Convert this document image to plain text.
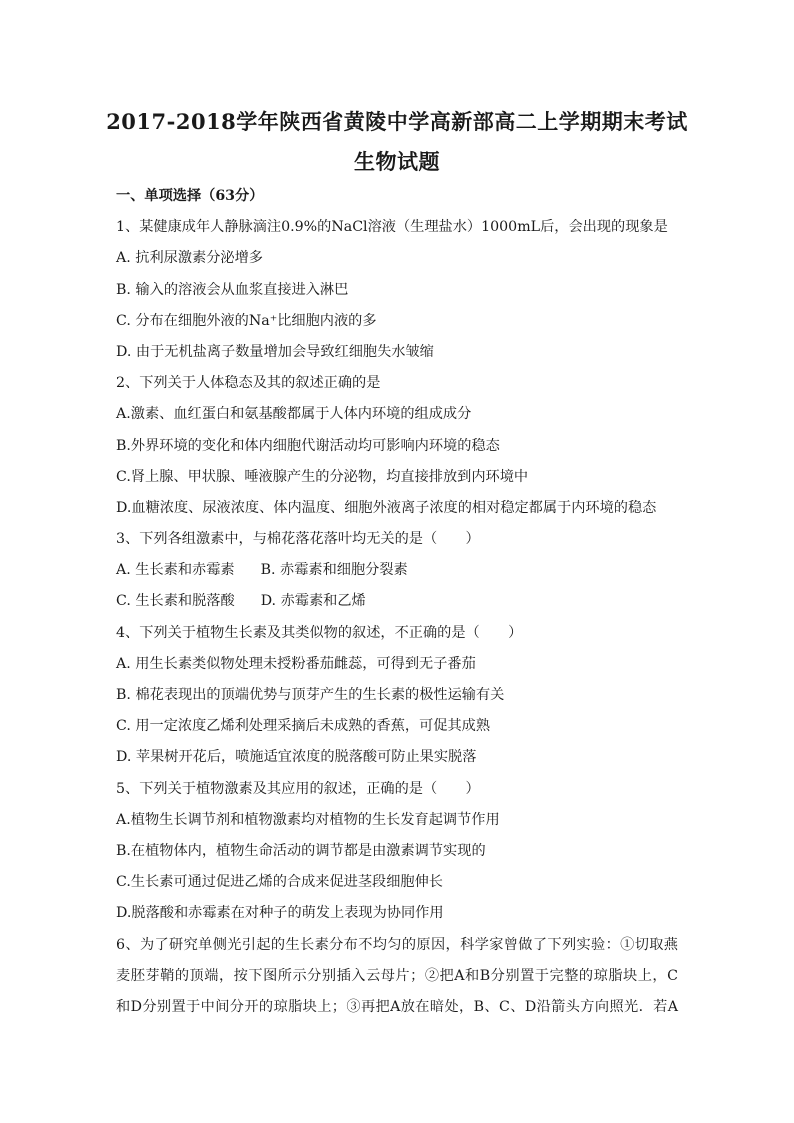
2017-2018学年陕西省黄陵中学高新部高二上学期期末考试
生物试题
一、单项选择（63分）
1、某健康成年人静脉滴注0.9%的NaCl溶液（生理盐水）1000mL后，会出现的现象是
A. 抗利尿激素分泌增多
B. 输入的溶液会从血浆直接进入淋巴
C. 分布在细胞外液的Na⁺比细胞内液的多
D. 由于无机盐离子数量增加会导致红细胞失水皱缩
2、下列关于人体稳态及其的叙述正确的是
A.激素、血红蛋白和氨基酸都属于人体内环境的组成成分
B.外界环境的变化和体内细胞代谢活动均可影响内环境的稳态
C.肾上腺、甲状腺、唾液腺产生的分泌物，均直接排放到内环境中
D.血糖浓度、尿液浓度、体内温度、细胞外液离子浓度的相对稳定都属于内环境的稳态
3、下列各组激素中，与棉花落花落叶均无关的是（　　）
A. 生长素和赤霉素 B. 赤霉素和细胞分裂素
C. 生长素和脱落酸 D. 赤霉素和乙烯
4、下列关于植物生长素及其类似物的叙述，不正确的是（　　）
A. 用生长素类似物处理未授粉番茄雌蕊，可得到无子番茄
B. 棉花表现出的顶端优势与顶芽产生的生长素的极性运输有关
C. 用一定浓度乙烯利处理采摘后未成熟的香蕉，可促其成熟
D. 苹果树开花后，喷施适宜浓度的脱落酸可防止果实脱落
5、下列关于植物激素及其应用的叙述，正确的是（　　）
A.植物生长调节剂和植物激素均对植物的生长发育起调节作用
B.在植物体内，植物生命活动的调节都是由激素调节实现的
C.生长素可通过促进乙烯的合成来促进茎段细胞伸长
D.脱落酸和赤霉素在对种子的萌发上表现为协同作用
6、为了研究单侧光引起的生长素分布不均匀的原因，科学家曾做了下列实验：①切取燕
麦胚芽鞘的顶端，按下图所示分别插入云母片；②把A和B分别置于完整的琼脂块上，C
和D分别置于中间分开的琼脂块上；③再把A放在暗处，B、C、D沿箭头方向照光．若A
